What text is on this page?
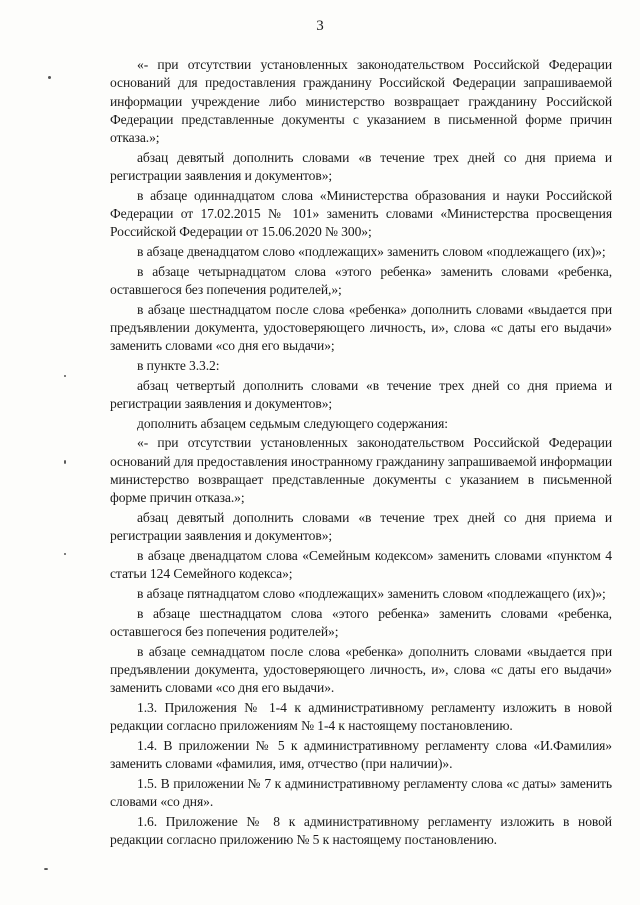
3

«- при отсутствии установленных законодательством Российской Федерации оснований для предоставления гражданину Российской Федерации запрашиваемой информации учреждение либо министерство возвращает гражданину Российской Федерации представленные документы с указанием в письменной форме причин отказа.»;

абзац девятый дополнить словами «в течение трех дней со дня приема и регистрации заявления и документов»;

в абзаце одиннадцатом слова «Министерства образования и науки Российской Федерации от 17.02.2015 № 101» заменить словами «Министерства просвещения Российской Федерации от 15.06.2020 № 300»;

в абзаце двенадцатом слово «подлежащих» заменить словом «подлежащего (их)»;

в абзаце четырнадцатом слова «этого ребенка» заменить словами «ребенка, оставшегося без попечения родителей,»;

в абзаце шестнадцатом после слова «ребенка» дополнить словами «выдается при предъявлении документа, удостоверяющего личность, и», слова «с даты его выдачи» заменить словами «со дня его выдачи»;

в пункте 3.3.2:

абзац четвертый дополнить словами «в течение трех дней со дня приема и регистрации заявления и документов»;

дополнить абзацем седьмым следующего содержания:

«- при отсутствии установленных законодательством Российской Федерации оснований для предоставления иностранному гражданину запрашиваемой информации министерство возвращает представленные документы с указанием в письменной форме причин отказа.»;

абзац девятый дополнить словами «в течение трех дней со дня приема и регистрации заявления и документов»;

в абзаце двенадцатом слова «Семейным кодексом» заменить словами «пунктом 4 статьи 124 Семейного кодекса»;

в абзаце пятнадцатом слово «подлежащих» заменить словом «подлежащего (их)»;

в абзаце шестнадцатом слова «этого ребенка» заменить словами «ребенка, оставшегося без попечения родителей»;

в абзаце семнадцатом после слова «ребенка» дополнить словами «выдается при предъявлении документа, удостоверяющего личность, и», слова «с даты его выдачи» заменить словами «со дня его выдачи».

1.3. Приложения № 1-4 к административному регламенту изложить в новой редакции согласно приложениям № 1-4 к настоящему постановлению.

1.4. В приложении № 5 к административному регламенту слова «И.Фамилия» заменить словами «фамилия, имя, отчество (при наличии)».

1.5. В приложении № 7 к административному регламенту слова «с даты» заменить словами «со дня».

1.6. Приложение № 8 к административному регламенту изложить в новой редакции согласно приложению № 5 к настоящему постановлению.
